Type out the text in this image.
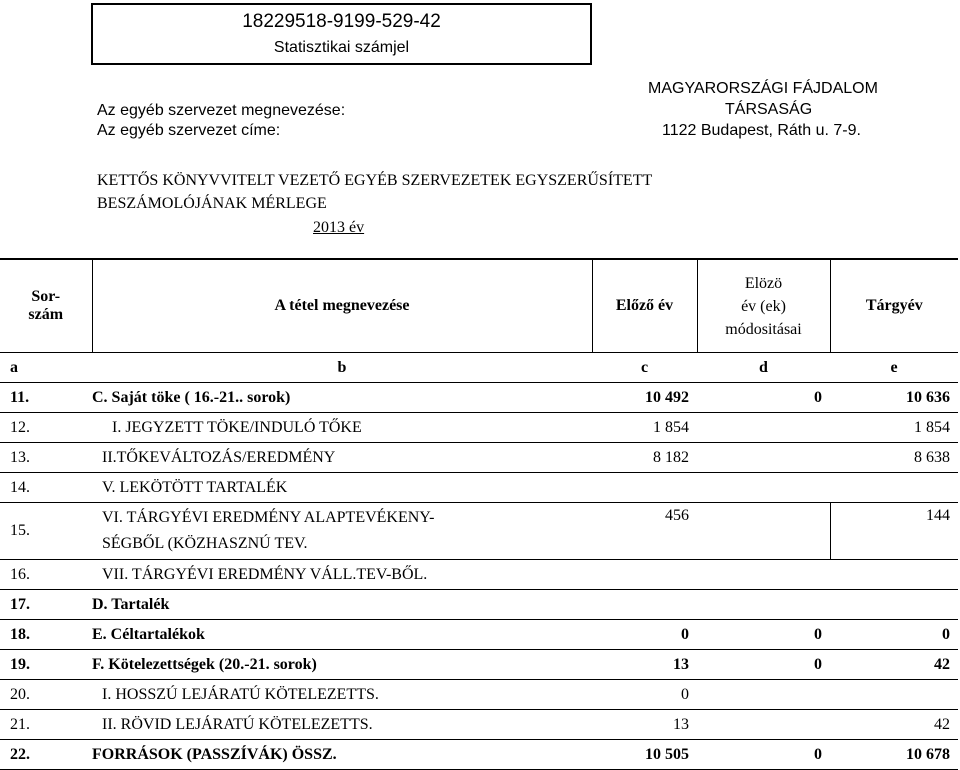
18229518-9199-529-42
Statisztikai számjel
Az egyéb szervezet megnevezése:
MAGYARORSZÁGI FÁJDALOM
TÁRSASÁG
Az egyéb szervezet címe:	1122 Budapest, Ráth u. 7-9.
KETTŐS KÖNYVVITELT VEZETŐ EGYÉB SZERVEZETEK EGYSZERŰSÍTETT
BESZÁMOLÓJÁNAK MÉRLEGE
2013 év
Sor-
szám	A tétel megnevezése	Előző év	Elözö
év (ek)
módositásai	Tárgyév
a	b	c	d	e
11.	C. Saját töke ( 16.-21.. sorok)	10 492	0	10 636
12.	I. JEGYZETT TÖKE/INDULÓ TŐKE	1 854		1 854
13.	II.TŐKEVÁLTOZÁS/EREDMÉNY	8 182		8 638
14.	V. LEKÖTÖTT TARTALÉK			
15.	VI. TÁRGYÉVI EREDMÉNY ALAPTEVÉKENY-
SÉGBŐL (KÖZHASZNÚ TEV.	456		144
16.	VII. TÁRGYÉVI EREDMÉNY VÁLL.TEV-BŐL.			
17.	D. Tartalék			
18.	E. Céltartalékok	0	0	0
19.	F. Kötelezettségek (20.-21. sorok)	13	0	42
20.	I. HOSSZÚ LEJÁRATÚ KÖTELEZETTS.	0		
21.	II. RÖVID LEJÁRATÚ KÖTELEZETTS.	13		42
22.	FORRÁSOK (PASSZÍVÁK) ÖSSZ.	10 505	0	10 678
